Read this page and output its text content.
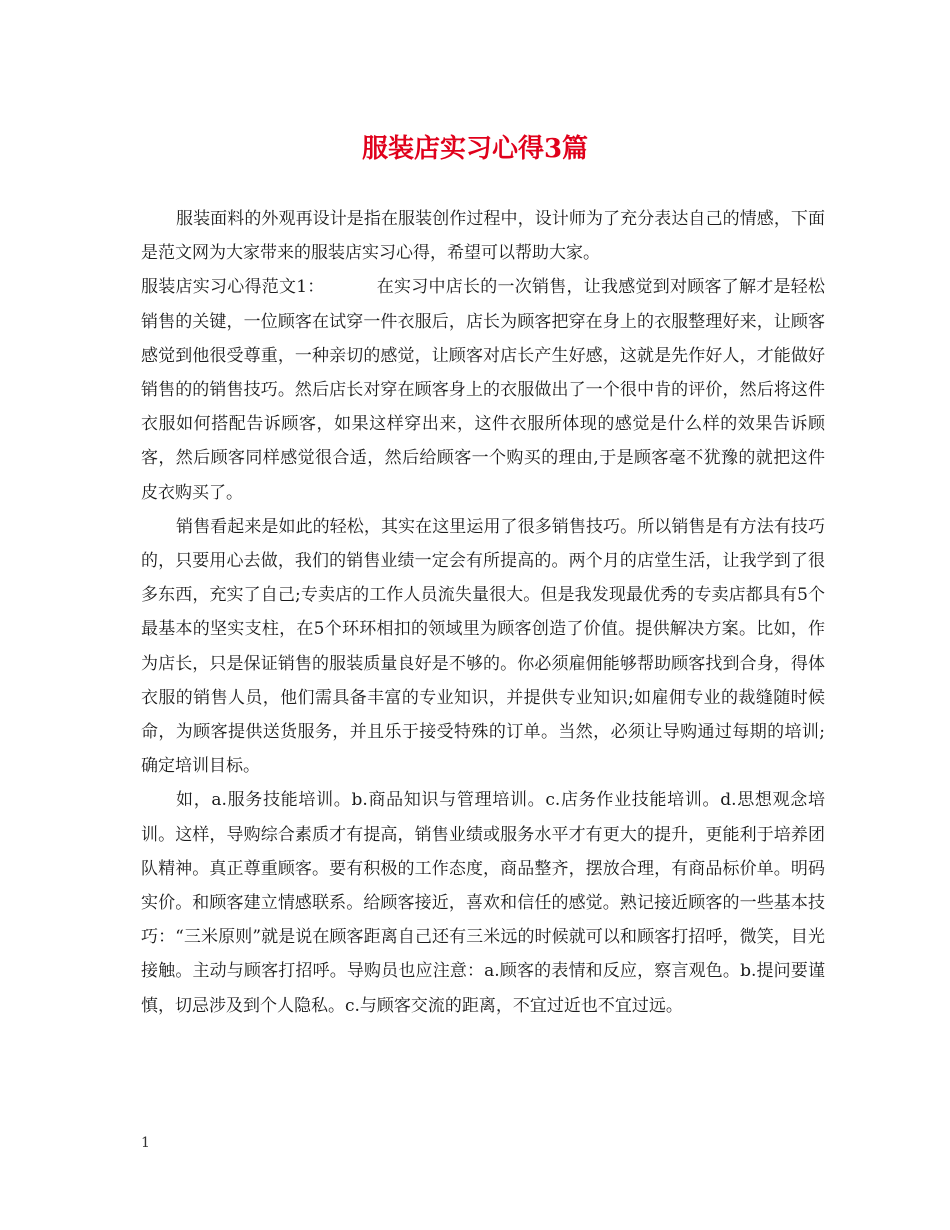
服装店实习心得3篇

服装面料的外观再设计是指在服装创作过程中，设计师为了充分表达自己的情感，下面是范文网为大家带来的服装店实习心得，希望可以帮助大家。

服装店实习心得范文1：	在实习中店长的一次销售，让我感觉到对顾客了解才是轻松销售的关键，一位顾客在试穿一件衣服后，店长为顾客把穿在身上的衣服整理好来，让顾客感觉到他很受尊重，一种亲切的感觉，让顾客对店长产生好感，这就是先作好人，才能做好销售的的销售技巧。然后店长对穿在顾客身上的衣服做出了一个很中肯的评价，然后将这件衣服如何搭配告诉顾客，如果这样穿出来，这件衣服所体现的感觉是什么样的效果告诉顾客，然后顾客同样感觉很合适，然后给顾客一个购买的理由,于是顾客毫不犹豫的就把这件皮衣购买了。

销售看起来是如此的轻松，其实在这里运用了很多销售技巧。所以销售是有方法有技巧的，只要用心去做，我们的销售业绩一定会有所提高的。两个月的店堂生活，让我学到了很多东西，充实了自己;专卖店的工作人员流失量很大。但是我发现最优秀的专卖店都具有5个最基本的坚实支柱，在5个环环相扣的领域里为顾客创造了价值。提供解决方案。比如，作为店长，只是保证销售的服装质量良好是不够的。你必须雇佣能够帮助顾客找到合身，得体衣服的销售人员，他们需具备丰富的专业知识，并提供专业知识;如雇佣专业的裁缝随时候命，为顾客提供送货服务，并且乐于接受特殊的订单。当然，必须让导购通过每期的培训;确定培训目标。

如，a.服务技能培训。b.商品知识与管理培训。c.店务作业技能培训。d.思想观念培训。这样，导购综合素质才有提高，销售业绩或服务水平才有更大的提升，更能利于培养团队精神。真正尊重顾客。要有积极的工作态度，商品整齐，摆放合理，有商品标价单。明码实价。和顾客建立情感联系。给顾客接近，喜欢和信任的感觉。熟记接近顾客的一些基本技巧：“三米原则”就是说在顾客距离自己还有三米远的时候就可以和顾客打招呼，微笑，目光接触。主动与顾客打招呼。导购员也应注意：a.顾客的表情和反应，察言观色。b.提问要谨慎，切忌涉及到个人隐私。c.与顾客交流的距离，不宜过近也不宜过远。

1
